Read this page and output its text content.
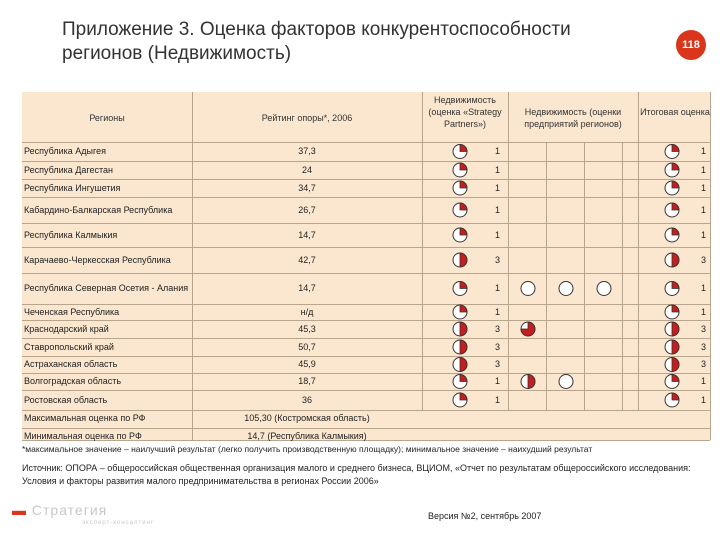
Приложение 3. Оценка факторов конкурентоспособности регионов (Недвижимость)	118
Регионы	Рейтинг опоры*, 2006
Недвижимость (оценка «Strategy Partners»)
Недвижимость (оценки предприятий регионов)
Итоговая оценка
Республика Адыгея	37,3	1	1
Республика Дагестан	24	1	1
Республика Ингушетия	34,7	1	1
Кабардино-Балкарская Республика	26,7	1	1
Республика Калмыкия	14,7	1	1
Карачаево-Черкесская Республика	42,7	3	3
Республика Северная Осетия - Алания	14,7	1	1
Чеченская Республика	н/д	1	1
Краснодарский край	45,3	3	3
Ставропольский край	50,7	3	3
Астраханская область	45,9	3	3
Волгоградская область	18,7	1	1
Ростовская область	36	1	1
Максимальная оценка по РФ	105,30 (Костромская область)
Минимальная оценка по РФ	14,7 (Республика Калмыкия)
*максимальное значение – наилучший результат (легко получить производственную площадку); минимальное значение – наихудший результат
Источник: ОПОРА – общероссийская общественная организация малого и среднего бизнеса, ВЦИОМ, «Отчет по результатам общероссийского исследования: Условия и факторы развития малого предпринимательства в регионах России 2006»
▬ Стратегия
эксперт-консалтинг
Версия №2, сентябрь 2007
